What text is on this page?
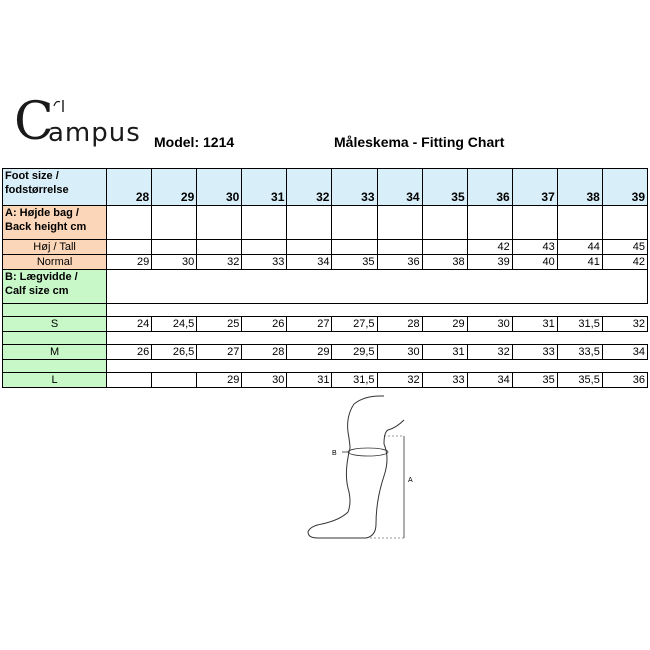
C
ampus Model: 1214	Måleskema - Fitting Chart
Foot size /
fodstørrelse	28	29	30	31	32	33	34	35	36	37	38	39
A: Højde bag /
Back height cm												
Høj / Tall									42	43	44	45
Normal	29	30	32	33	34	35	36	38	39	40	41	42
B: Lægvidde /
Calf size cm												

S	24	24,5	25	26	27	27,5	28	29	30	31	31,5	32

M	26	26,5	27	28	29	29,5	30	31	32	33	33,5	34

L			29	30	31	31,5	32	33	34	35	35,5	36
B
A
